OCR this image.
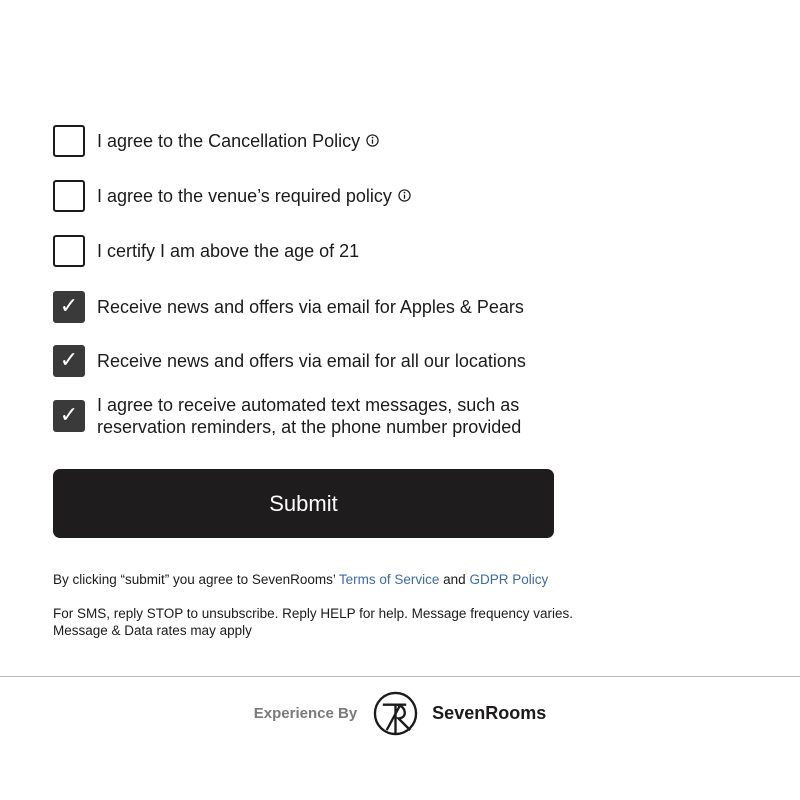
I agree to the Cancellation Policy
I agree to the venue’s required policy
I certify I am above the age of 21
✓ Receive news and offers via email for Apples & Pears
✓ Receive news and offers via email for all our locations
✓ I agree to receive automated text messages, such as
reservation reminders, at the phone number provided
Submit
By clicking “submit” you agree to SevenRooms’ Terms of Service and GDPR Policy
For SMS, reply STOP to unsubscribe. Reply HELP for help. Message frequency varies.
Message & Data rates may apply
Experience By	SevenRooms
